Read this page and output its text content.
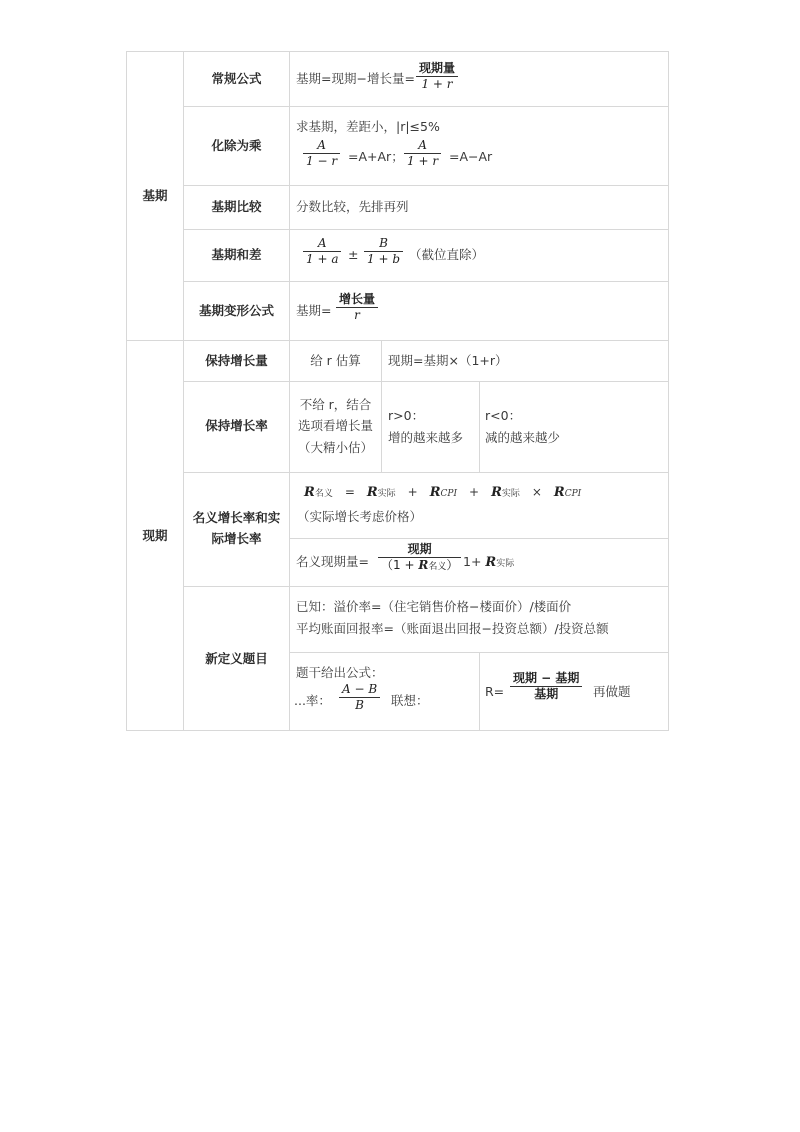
基期
现期
常规公式
化除为乘
基期比较
基期和差
基期变形公式
保持增长量
保持增长率
名义增长率和实
际增长率
新定义题目
基期=现期−增长量=
现期量
1 + r
求基期，差距小，|r|≤5%
A
1 − r =A+Ar；
A
1 + r =A−Ar
分数比较，先排再列
A
1 + a ±
B
1 + b （截位直除）
基期=
增长量
r
给 r 估算	现期=基期×（1+r）
不给 r，结合
选项看增长量
（大精小估）
r>0：
增的越来越多
r<0：
减的越来越少
R名义 = R实际 + RCPI + R实际 × RCPI
（实际增长考虑价格）
名义现期量=
现期
（1 + R名义） 1+ R实际
已知：溢价率=（住宅销售价格−楼面价）/楼面价
平均账面回报率=（账面退出回报−投资总额）/投资总额
题干给出公式：
...率：
A − B
B 联想：
R=
现期 − 基期
基期	再做题
